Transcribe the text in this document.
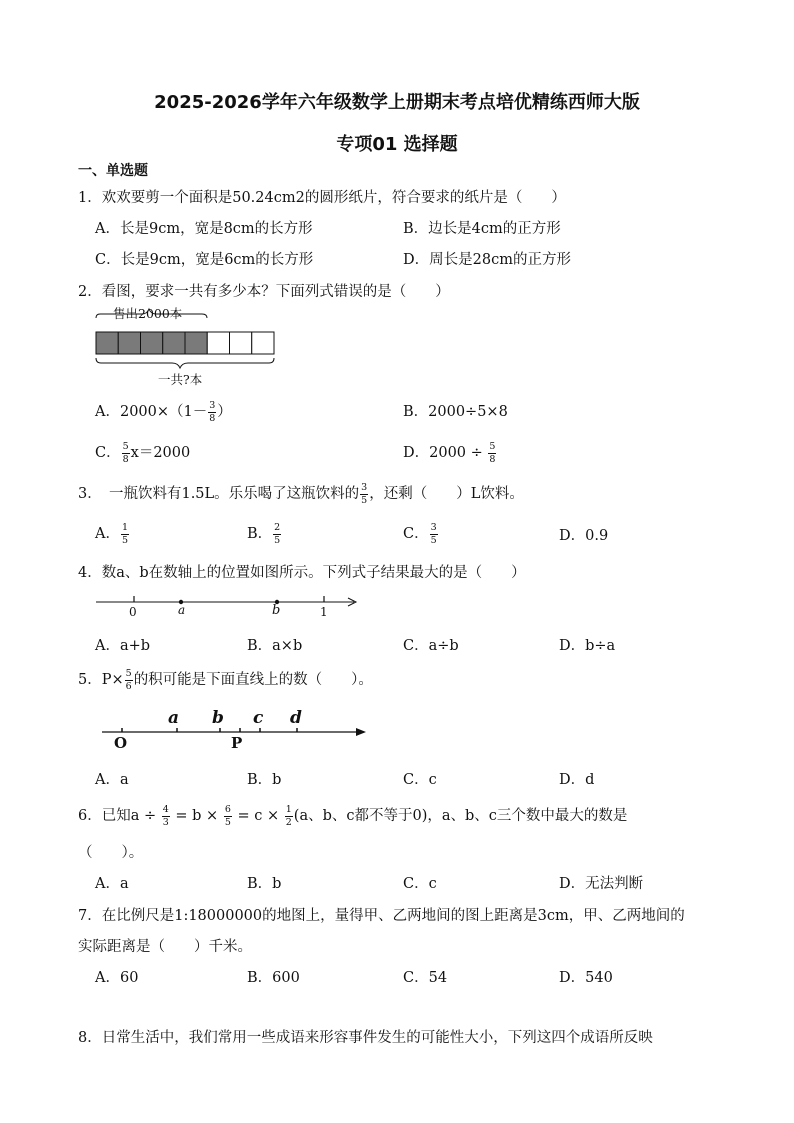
2025-2026学年六年级数学上册期末考点培优精练西师大版
专项01 选择题
一、单选题
1．欢欢要剪一个面积是50.24cm2的圆形纸片，符合要求的纸片是（　　）
A．长是9cm，宽是8cm的长方形	B．边长是4cm的正方形
C．长是9cm，宽是6cm的长方形	D．周长是28cm的正方形
2．看图，要求一共有多少本？下面列式错误的是（　　）
售出2000本
一共?本
A．$2000\times(1- \frac{3}{8}$ ）	B．2000÷5×8
C． $\frac{5}{8} x=2000$	D．$2000 \div \frac{5}{8}$
3．　一瓶饮料有1.5L。乐乐喝了这瓶饮料的 $\frac{3}{5}$ ，还剩（　　）L饮料。
A． $\frac{1}{5}$	B． $\frac{2}{5}$	C． $\frac{3}{5}$	D．0.9
4．数a、b在数轴上的位置如图所示。下列式子结果最大的是（　　）
0	a	b	1
A．a+b	B．a×b	C．a÷b	D．b÷a
5．$P\times \frac{5}{6}$ 的积可能是下面直线上的数（　　）。
a b c d
O	P
A．a	B．b	C．c	D．d
6．已知$a \div \frac{4}{3} = b \times \frac{6}{5} = c \times \frac{1}{2} (a$、b、c都不等于0)，a、b、c三个数中最大的数是
（　　）。
A．a	B．b	C．c	D．无法判断
7．在比例尺是1:18000000的地图上，量得甲、乙两地间的图上距离是3cm，甲、乙两地间的
实际距离是（　　）千米。
A．60	B．600	C．54	D．540
8．日常生活中，我们常用一些成语来形容事件发生的可能性大小，下列这四个成语所反映
